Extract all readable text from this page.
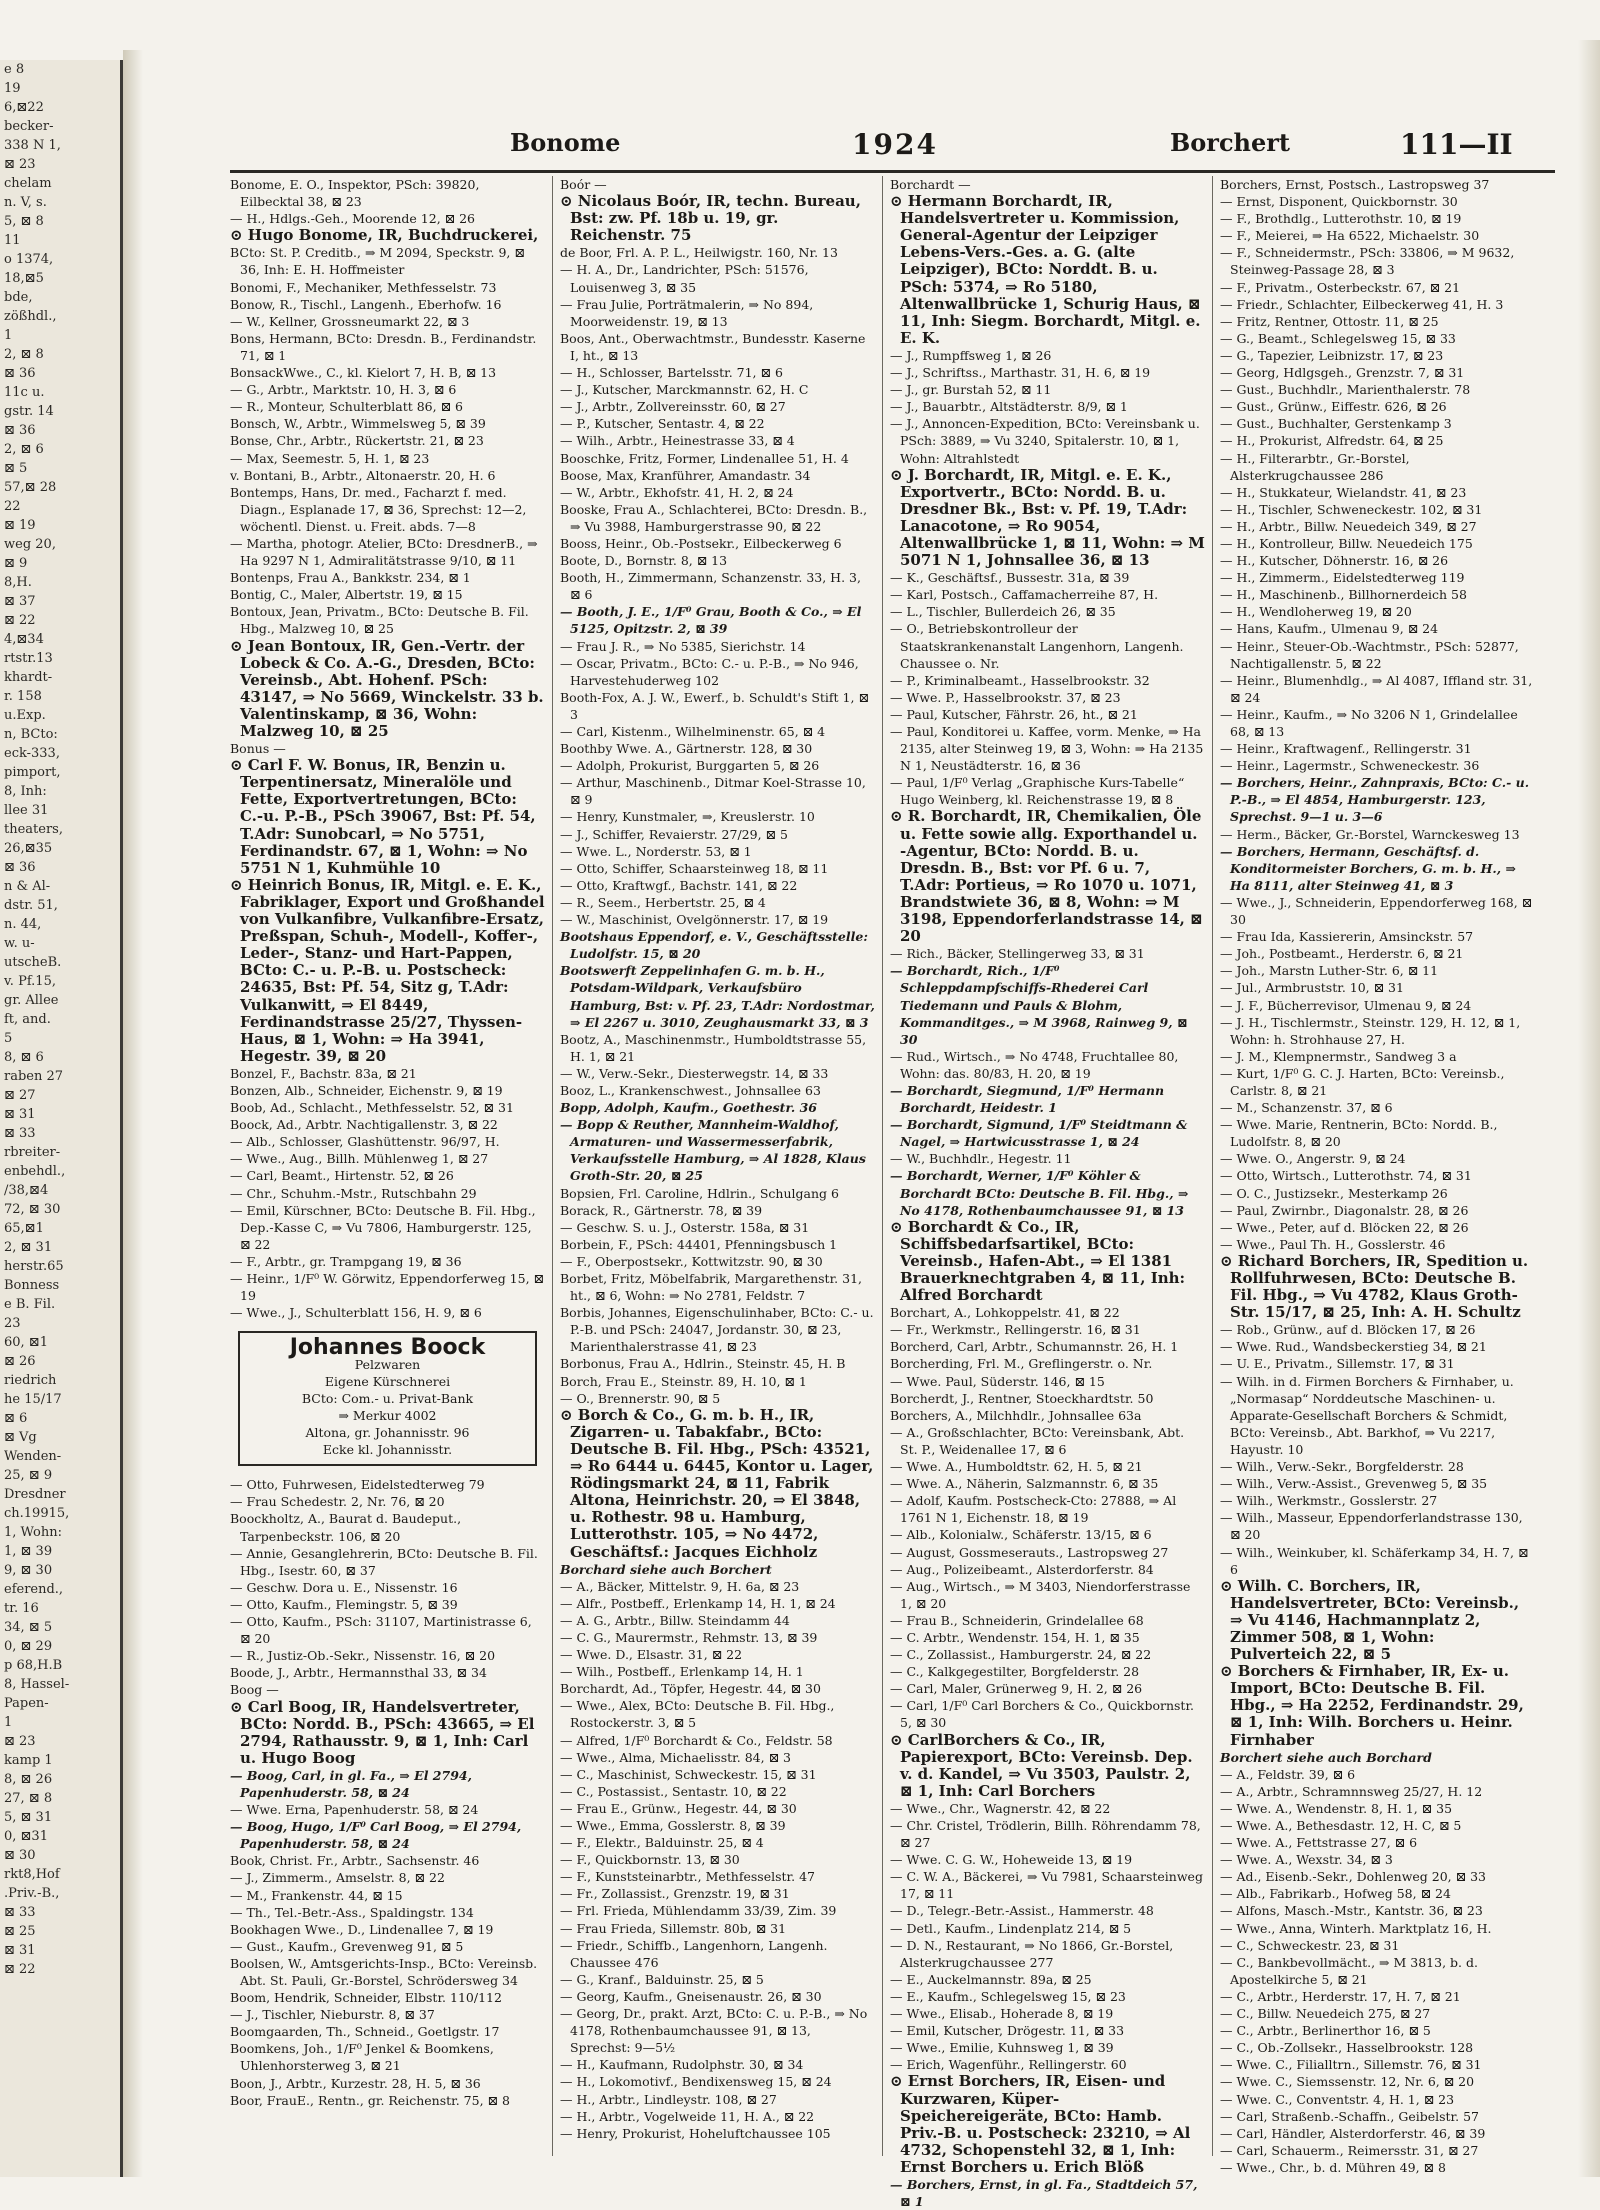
e 8
19
6,⊠22
becker-
338 N 1,
⊠ 23
chelam
n. V, s.
5, ⊠ 8
11
o 1374,
18,⊠5
bde,
zößhdl.,
1
2, ⊠ 8
⊠ 36
11c u.
gstr. 14
⊠ 36
2, ⊠ 6
⊠ 5
57,⊠ 28
22
⊠ 19
weg 20,
⊠ 9
8,H.
⊠ 37
⊠ 22
4,⊠34
rtstr.13
khardt-
r. 158
u.Exp.
n, BCto:
eck-333,
pimport,
8, Inh:
llee 31
theaters,
26,⊠35
⊠ 36
n & Al-
dstr. 51,
n. 44,
w. u-
utscheB.
v. Pf.15,
gr. Allee
ft, and.
5
8, ⊠ 6
raben 27
⊠ 27
⊠ 31
⊠ 33
rbreiter-
enbehdl.,
/38,⊠4
72, ⊠ 30
65,⊠1
2, ⊠ 31
herstr.65
Bonness
e B. Fil.
23
60, ⊠1
⊠ 26
riedrich
he 15/17
⊠ 6
⊠ Vg
Wenden-
25, ⊠ 9
Dresdner
ch.19915,
1, Wohn:
1, ⊠ 39
9, ⊠ 30
eferend.,
tr. 16
34, ⊠ 5
0, ⊠ 29
p 68,H.B
8, Hassel-
Papen-
1
⊠ 23
kamp 1
8, ⊠ 26
27, ⊠ 8
5, ⊠ 31
0, ⊠31
⊠ 30
rkt8,Hof
.Priv.-B.,
⊠ 33
⊠ 25
⊠ 31
⊠ 22
Bonome	1924	Borchert	111—II
Bonome, E. O., Inspektor, PSch: 39820, Eilbecktal 38, ⊠ 23
— H., Hdlgs.-Geh., Moorende 12, ⊠ 26
⊙ Hugo Bonome, IR, Buchdruckerei,
BCto: St. P. Creditb., ⇒ M 2094, Speckstr. 9, ⊠ 36, Inh: E. H. Hoffmeister
Bonomi, F., Mechaniker, Methfesselstr. 73
Bonow, R., Tischl., Langenh., Eberhofw. 16
— W., Kellner, Grossneumarkt 22, ⊠ 3
Bons, Hermann, BCto: Dresdn. B., Ferdinandstr. 71, ⊠ 1
BonsackWwe., C., kl. Kielort 7, H. B, ⊠ 13
— G., Arbtr., Marktstr. 10, H. 3, ⊠ 6
— R., Monteur, Schulterblatt 86, ⊠ 6
Bonsch, W., Arbtr., Wimmelsweg 5, ⊠ 39
Bonse, Chr., Arbtr., Rückertstr. 21, ⊠ 23
— Max, Seemestr. 5, H. 1, ⊠ 23
v. Bontani, B., Arbtr., Altonaerstr. 20, H. 6
Bontemps, Hans, Dr. med., Facharzt f. med. Diagn., Esplanade 17, ⊠ 36, Sprechst: 12—2, wöchentl. Dienst. u. Freit. abds. 7—8
— Martha, photogr. Atelier, BCto: DresdnerB., ⇒ Ha 9297 N 1, Admiralitätstrasse 9/10, ⊠ 11
Bontenps, Frau A., Bankkstr. 234, ⊠ 1
Bontig, C., Maler, Albertstr. 19, ⊠ 15
Bontoux, Jean, Privatm., BCto: Deutsche B. Fil. Hbg., Malzweg 10, ⊠ 25
⊙ Jean Bontoux, IR, Gen.-Vertr. der Lobeck & Co. A.-G., Dresden, BCto: Vereinsb., Abt. Hohenf. PSch: 43147, ⇒ No 5669, Winckelstr. 33 b. Valentinskamp, ⊠ 36, Wohn: Malzweg 10, ⊠ 25
Bonus —
⊙ Carl F. W. Bonus, IR, Benzin u. Terpentinersatz, Mineralöle und Fette, Exportvertretungen, BCto: C.-u. P.-B., PSch 39067, Bst: Pf. 54, T.Adr: Sunobcarl, ⇒ No 5751, Ferdinandstr. 67, ⊠ 1, Wohn: ⇒ No 5751 N 1, Kuhmühle 10
⊙ Heinrich Bonus, IR, Mitgl. e. E. K., Fabriklager, Export und Großhandel von Vulkanfibre, Vulkanfibre-Ersatz, Preßspan, Schuh-, Modell-, Koffer-, Leder-, Stanz- und Hart-Pappen, BCto: C.- u. P.-B. u. Postscheck: 24635, Bst: Pf. 54, Sitz g, T.Adr: Vulkanwitt, ⇒ El 8449, Ferdinandstrasse 25/27, Thyssen-Haus, ⊠ 1, Wohn: ⇒ Ha 3941, Hegestr. 39, ⊠ 20
Bonzel, F., Bachstr. 83a, ⊠ 21
Bonzen, Alb., Schneider, Eichenstr. 9, ⊠ 19
Boob, Ad., Schlacht., Methfesselstr. 52, ⊠ 31
Boock, Ad., Arbtr. Nachtigallenstr. 3, ⊠ 22
— Alb., Schlosser, Glashüttenstr. 96/97, H.
— Wwe., Aug., Billh. Mühlenweg 1, ⊠ 27
— Carl, Beamt., Hirtenstr. 52, ⊠ 26
— Chr., Schuhm.-Mstr., Rutschbahn 29
— Emil, Kürschner, BCto: Deutsche B. Fil. Hbg., Dep.-Kasse C, ⇒ Vu 7806, Hamburgerstr. 125, ⊠ 22
— F., Arbtr., gr. Trampgang 19, ⊠ 36
— Heinr., 1/F⁰ W. Görwitz, Eppendorferweg 15, ⊠ 19
— Wwe., J., Schulterblatt 156, H. 9, ⊠ 6
Johannes Boock
Pelzwaren
Eigene Kürschnerei
BCto: Com.- u. Privat-Bank
⇒ Merkur 4002
Altona, gr. Johannisstr. 96
Ecke kl. Johannisstr.
— Otto, Fuhrwesen, Eidelstedterweg 79
— Frau Schedestr. 2, Nr. 76, ⊠ 20
Boockholtz, A., Baurat d. Baudeput., Tarpenbeckstr. 106, ⊠ 20
— Annie, Gesanglehrerin, BCto: Deutsche B. Fil. Hbg., Isestr. 60, ⊠ 37
— Geschw. Dora u. E., Nissenstr. 16
— Otto, Kaufm., Flemingstr. 5, ⊠ 39
— Otto, Kaufm., PSch: 31107, Martinistrasse 6, ⊠ 20
— R., Justiz-Ob.-Sekr., Nissenstr. 16, ⊠ 20
Boode, J., Arbtr., Hermannsthal 33, ⊠ 34
Boog —
⊙ Carl Boog, IR, Handelsvertreter, BCto: Nordd. B., PSch: 43665, ⇒ El 2794, Rathausstr. 9, ⊠ 1, Inh: Carl u. Hugo Boog
— Boog, Carl, in gl. Fa., ⇒ El 2794, Papenhuderstr. 58, ⊠ 24
— Wwe. Erna, Papenhuderstr. 58, ⊠ 24
— Boog, Hugo, 1/F⁰ Carl Boog, ⇒ El 2794, Papenhuderstr. 58, ⊠ 24
Book, Christ. Fr., Arbtr., Sachsenstr. 46
— J., Zimmerm., Amselstr. 8, ⊠ 22
— M., Frankenstr. 44, ⊠ 15
— Th., Tel.-Betr.-Ass., Spaldingstr. 134
Bookhagen Wwe., D., Lindenallee 7, ⊠ 19
— Gust., Kaufm., Grevenweg 91, ⊠ 5
Boolsen, W., Amtsgerichts-Insp., BCto: Vereinsb. Abt. St. Pauli, Gr.-Borstel, Schrödersweg 34
Boom, Hendrik, Schneider, Elbstr. 110/112
— J., Tischler, Nieburstr. 8, ⊠ 37
Boomgaarden, Th., Schneid., Goetlgstr. 17
Boomkens, Joh., 1/F⁰ Jenkel & Boomkens, Uhlenhorsterweg 3, ⊠ 21
Boon, J., Arbtr., Kurzestr. 28, H. 5, ⊠ 36
Boor, FrauE., Rentn., gr. Reichenstr. 75, ⊠ 8
Boór —
⊙ Nicolaus Boór, IR, techn. Bureau, Bst: zw. Pf. 18b u. 19, gr. Reichenstr. 75
de Boor, Frl. A. P. L., Heilwigstr. 160, Nr. 13
— H. A., Dr., Landrichter, PSch: 51576, Louisenweg 3, ⊠ 35
— Frau Julie, Porträtmalerin, ⇒ No 894, Moorweidenstr. 19, ⊠ 13
Boos, Ant., Oberwachtmstr., Bundesstr. Kaserne I, ht., ⊠ 13
— H., Schlosser, Bartelsstr. 71, ⊠ 6
— J., Kutscher, Marckmannstr. 62, H. C
— J., Arbtr., Zollvereinsstr. 60, ⊠ 27
— P., Kutscher, Sentastr. 4, ⊠ 22
— Wilh., Arbtr., Heinestrasse 33, ⊠ 4
Booschke, Fritz, Former, Lindenallee 51, H. 4
Boose, Max, Kranführer, Amandastr. 34
— W., Arbtr., Ekhofstr. 41, H. 2, ⊠ 24
Booske, Frau A., Schlachterei, BCto: Dresdn. B., ⇒ Vu 3988, Hamburgerstrasse 90, ⊠ 22
Booss, Heinr., Ob.-Postsekr., Eilbeckerweg 6
Boote, D., Bornstr. 8, ⊠ 13
Booth, H., Zimmermann, Schanzenstr. 33, H. 3, ⊠ 6
— Booth, J. E., 1/F⁰ Grau, Booth & Co., ⇒ El 5125, Opitzstr. 2, ⊠ 39
— Frau J. R., ⇒ No 5385, Sierichstr. 14
— Oscar, Privatm., BCto: C.- u. P.-B., ⇒ No 946, Harvestehuderweg 102
Booth-Fox, A. J. W., Ewerf., b. Schuldt's Stift 1, ⊠ 3
— Carl, Kistenm., Wilhelminenstr. 65, ⊠ 4
Boothby Wwe. A., Gärtnerstr. 128, ⊠ 30
— Adolph, Prokurist, Burggarten 5, ⊠ 26
— Arthur, Maschinenb., Ditmar Koel-Strasse 10, ⊠ 9
— Henry, Kunstmaler, ⇒, Kreuslerstr. 10
— J., Schiffer, Revaierstr. 27/29, ⊠ 5
— Wwe. L., Norderstr. 53, ⊠ 1
— Otto, Schiffer, Schaarsteinweg 18, ⊠ 11
— Otto, Kraftwgf., Bachstr. 141, ⊠ 22
— R., Seem., Herbertstr. 25, ⊠ 4
— W., Maschinist, Ovelgönnerstr. 17, ⊠ 19
Bootshaus Eppendorf, e. V., Geschäftsstelle: Ludolfstr. 15, ⊠ 20
Bootswerft Zeppelinhafen G. m. b. H., Potsdam-Wildpark, Verkaufsbüro Hamburg, Bst: v. Pf. 23, T.Adr: Nordostmar, ⇒ El 2267 u. 3010, Zeughausmarkt 33, ⊠ 3
Bootz, A., Maschinenmstr., Humboldtstrasse 55, H. 1, ⊠ 21
— W., Verw.-Sekr., Diesterwegstr. 14, ⊠ 33
Booz, L., Krankenschwest., Johnsallee 63
Bopp, Adolph, Kaufm., Goethestr. 36
— Bopp & Reuther, Mannheim-Waldhof, Armaturen- und Wassermesserfabrik, Verkaufsstelle Hamburg, ⇒ Al 1828, Klaus Groth-Str. 20, ⊠ 25
Bopsien, Frl. Caroline, Hdlrin., Schulgang 6
Borack, R., Gärtnerstr. 78, ⊠ 39
— Geschw. S. u. J., Osterstr. 158a, ⊠ 31
Borbein, F., PSch: 44401, Pfenningsbusch 1
— F., Oberpostsekr., Kottwitzstr. 90, ⊠ 30
Borbet, Fritz, Möbelfabrik, Margarethenstr. 31, ht., ⊠ 6, Wohn: ⇒ No 2781, Feldstr. 7
Borbis, Johannes, Eigenschulinhaber, BCto: C.- u. P.-B. und PSch: 24047, Jordanstr. 30, ⊠ 23, Marienthalerstrasse 41, ⊠ 23
Borbonus, Frau A., Hdlrin., Steinstr. 45, H. B
Borch, Frau E., Steinstr. 89, H. 10, ⊠ 1
— O., Brennerstr. 90, ⊠ 5
⊙ Borch & Co., G. m. b. H., IR, Zigarren- u. Tabakfabr., BCto: Deutsche B. Fil. Hbg., PSch: 43521, ⇒ Ro 6444 u. 6445, Kontor u. Lager, Rödingsmarkt 24, ⊠ 11, Fabrik Altona, Heinrichstr. 20, ⇒ El 3848, u. Rothestr. 98 u. Hamburg, Lutterothstr. 105, ⇒ No 4472, Geschäftsf.: Jacques Eichholz
Borchard siehe auch Borchert
— A., Bäcker, Mittelstr. 9, H. 6a, ⊠ 23
— Alfr., Postbeff., Erlenkamp 14, H. 1, ⊠ 24
— A. G., Arbtr., Billw. Steindamm 44
— C. G., Maurermstr., Rehmstr. 13, ⊠ 39
— Wwe. D., Elsastr. 31, ⊠ 22
— Wilh., Postbeff., Erlenkamp 14, H. 1
Borchardt, Ad., Töpfer, Hegestr. 44, ⊠ 30
— Wwe., Alex, BCto: Deutsche B. Fil. Hbg., Rostockerstr. 3, ⊠ 5
— Alfred, 1/F⁰ Borchardt & Co., Feldstr. 58
— Wwe., Alma, Michaelisstr. 84, ⊠ 3
— C., Maschinist, Schweckestr. 15, ⊠ 31
— C., Postassist., Sentastr. 10, ⊠ 22
— Frau E., Grünw., Hegestr. 44, ⊠ 30
— Wwe., Emma, Gosslerstr. 8, ⊠ 39
— F., Elektr., Balduinstr. 25, ⊠ 4
— F., Quickbornstr. 13, ⊠ 30
— F., Kunststeinarbtr., Methfesselstr. 47
— Fr., Zollassist., Grenzstr. 19, ⊠ 31
— Frl. Frieda, Mühlendamm 33/39, Zim. 39
— Frau Frieda, Sillemstr. 80b, ⊠ 31
— Friedr., Schiffb., Langenhorn, Langenh. Chaussee 476
— G., Kranf., Balduinstr. 25, ⊠ 5
— Georg, Kaufm., Gneisenaustr. 26, ⊠ 30
— Georg, Dr., prakt. Arzt, BCto: C. u. P.-B., ⇒ No 4178, Rothenbaumchaussee 91, ⊠ 13, Sprechst: 9—5½
— H., Kaufmann, Rudolphstr. 30, ⊠ 34
— H., Lokomotivf., Bendixensweg 15, ⊠ 24
— H., Arbtr., Lindleystr. 108, ⊠ 27
— H., Arbtr., Vogelweide 11, H. A., ⊠ 22
— Henry, Prokurist, Hoheluftchaussee 105
Borchardt —
⊙ Hermann Borchardt, IR, Handelsvertreter u. Kommission, General-Agentur der Leipziger Lebens-Vers.-Ges. a. G. (alte Leipziger), BCto: Norddt. B. u. PSch: 5374, ⇒ Ro 5180, Altenwallbrücke 1, Schurig Haus, ⊠ 11, Inh: Siegm. Borchardt, Mitgl. e. E. K.
— J., Rumpffsweg 1, ⊠ 26
— J., Schriftss., Marthastr. 31, H. 6, ⊠ 19
— J., gr. Burstah 52, ⊠ 11
— J., Bauarbtr., Altstädterstr. 8/9, ⊠ 1
— J., Annoncen-Expedition, BCto: Vereinsbank u. PSch: 3889, ⇒ Vu 3240, Spitalerstr. 10, ⊠ 1, Wohn: Altrahlstedt
⊙ J. Borchardt, IR, Mitgl. e. E. K., Exportvertr., BCto: Nordd. B. u. Dresdner Bk., Bst: v. Pf. 19, T.Adr: Lanacotone, ⇒ Ro 9054, Altenwallbrücke 1, ⊠ 11, Wohn: ⇒ M 5071 N 1, Johnsallee 36, ⊠ 13
— K., Geschäftsf., Bussestr. 31a, ⊠ 39
— Karl, Postsch., Caffamacherreihe 87, H.
— L., Tischler, Bullerdeich 26, ⊠ 35
— O., Betriebskontrolleur der Staatskrankenanstalt Langenhorn, Langenh. Chaussee o. Nr.
— P., Kriminalbeamt., Hasselbrookstr. 32
— Wwe. P., Hasselbrookstr. 37, ⊠ 23
— Paul, Kutscher, Fährstr. 26, ht., ⊠ 21
— Paul, Konditorei u. Kaffee, vorm. Menke, ⇒ Ha 2135, alter Steinweg 19, ⊠ 3, Wohn: ⇒ Ha 2135 N 1, Neustädterstr. 16, ⊠ 36
— Paul, 1/F⁰ Verlag „Graphische Kurs-Tabelle“ Hugo Weinberg, kl. Reichenstrasse 19, ⊠ 8
⊙ R. Borchardt, IR, Chemikalien, Öle u. Fette sowie allg. Exporthandel u. -Agentur, BCto: Nordd. B. u. Dresdn. B., Bst: vor Pf. 6 u. 7, T.Adr: Portieus, ⇒ Ro 1070 u. 1071, Brandstwiete 36, ⊠ 8, Wohn: ⇒ M 3198, Eppendorferlandstrasse 14, ⊠ 20
— Rich., Bäcker, Stellingerweg 33, ⊠ 31
— Borchardt, Rich., 1/F⁰ Schleppdampfschiffs-Rhederei Carl Tiedemann und Pauls & Blohm, Kommanditges., ⇒ M 3968, Rainweg 9, ⊠ 30
— Rud., Wirtsch., ⇒ No 4748, Fruchtallee 80, Wohn: das. 80/83, H. 20, ⊠ 19
— Borchardt, Siegmund, 1/F⁰ Hermann Borchardt, Heidestr. 1
— Borchardt, Sigmund, 1/F⁰ Steidtmann & Nagel, ⇒ Hartwicusstrasse 1, ⊠ 24
— W., Buchhdlr., Hegestr. 11
— Borchardt, Werner, 1/F⁰ Köhler & Borchardt BCto: Deutsche B. Fil. Hbg., ⇒ No 4178, Rothenbaumchaussee 91, ⊠ 13
⊙ Borchardt & Co., IR, Schiffsbedarfsartikel, BCto: Vereinsb., Hafen-Abt., ⇒ El 1381 Brauerknechtgraben 4, ⊠ 11, Inh: Alfred Borchardt
Borchart, A., Lohkoppelstr. 41, ⊠ 22
— Fr., Werkmstr., Rellingerstr. 16, ⊠ 31
Borcherd, Carl, Arbtr., Schumannstr. 26, H. 1
Borcherding, Frl. M., Greflingerstr. o. Nr.
— Wwe. Paul, Süderstr. 146, ⊠ 15
Borcherdt, J., Rentner, Stoeckhardtstr. 50
Borchers, A., Milchhdlr., Johnsallee 63a
— A., Großschlachter, BCto: Vereinsbank, Abt. St. P., Weidenallee 17, ⊠ 6
— Wwe. A., Humboldtstr. 62, H. 5, ⊠ 21
— Wwe. A., Näherin, Salzmannstr. 6, ⊠ 35
— Adolf, Kaufm. Postscheck-Cto: 27888, ⇒ Al 1761 N 1, Eichenstr. 18, ⊠ 19
— Alb., Kolonialw., Schäferstr. 13/15, ⊠ 6
— August, Gossmeserauts., Lastropsweg 27
— Aug., Polizeibeamt., Alsterdorferstr. 84
— Aug., Wirtsch., ⇒ M 3403, Niendorferstrasse 1, ⊠ 20
— Frau B., Schneiderin, Grindelallee 68
— C. Arbtr., Wendenstr. 154, H. 1, ⊠ 35
— C., Zollassist., Hamburgerstr. 24, ⊠ 22
— C., Kalkgegestilter, Borgfelderstr. 28
— Carl, Maler, Grünerweg 9, H. 2, ⊠ 26
— Carl, 1/F⁰ Carl Borchers & Co., Quickbornstr. 5, ⊠ 30
⊙ CarlBorchers & Co., IR, Papierexport, BCto: Vereinsb. Dep. v. d. Kandel, ⇒ Vu 3503, Paulstr. 2, ⊠ 1, Inh: Carl Borchers
— Wwe., Chr., Wagnerstr. 42, ⊠ 22
— Chr. Cristel, Trödlerin, Billh. Röhrendamm 78, ⊠ 27
— Wwe. C. G. W., Hoheweide 13, ⊠ 19
— C. W. A., Bäckerei, ⇒ Vu 7981, Schaarsteinweg 17, ⊠ 11
— D., Telegr.-Betr.-Assist., Hammerstr. 48
— Detl., Kaufm., Lindenplatz 214, ⊠ 5
— D. N., Restaurant, ⇒ No 1866, Gr.-Borstel, Alsterkrugchaussee 277
— E., Auckelmannstr. 89a, ⊠ 25
— E., Kaufm., Schlegelsweg 15, ⊠ 23
— Wwe., Elisab., Hoherade 8, ⊠ 19
— Emil, Kutscher, Drögestr. 11, ⊠ 33
— Wwe., Emilie, Kuhnsweg 1, ⊠ 39
— Erich, Wagenführ., Rellingerstr. 60
⊙ Ernst Borchers, IR, Eisen- und Kurzwaren, Küper- Speichereigeräte, BCto: Hamb. Priv.-B. u. Postscheck: 23210, ⇒ Al 4732, Schopenstehl 32, ⊠ 1, Inh: Ernst Borchers u. Erich Blöß
— Borchers, Ernst, in gl. Fa., Stadtdeich 57, ⊠ 1
Borchers, Ernst, Postsch., Lastropsweg 37
— Ernst, Disponent, Quickbornstr. 30
— F., Brothdlg., Lutterothstr. 10, ⊠ 19
— F., Meierei, ⇒ Ha 6522, Michaelstr. 30
— F., Schneidermstr., PSch: 33806, ⇒ M 9632, Steinweg-Passage 28, ⊠ 3
— F., Privatm., Osterbeckstr. 67, ⊠ 21
— Friedr., Schlachter, Eilbeckerweg 41, H. 3
— Fritz, Rentner, Ottostr. 11, ⊠ 25
— G., Beamt., Schlegelsweg 15, ⊠ 33
— G., Tapezier, Leibnizstr. 17, ⊠ 23
— Georg, Hdlgsgeh., Grenzstr. 7, ⊠ 31
— Gust., Buchhdlr., Marienthalerstr. 78
— Gust., Grünw., Eiffestr. 626, ⊠ 26
— Gust., Buchhalter, Gerstenkamp 3
— H., Prokurist, Alfredstr. 64, ⊠ 25
— H., Filterarbtr., Gr.-Borstel, Alsterkrugchaussee 286
— H., Stukkateur, Wielandstr. 41, ⊠ 23
— H., Tischler, Schweneckestr. 102, ⊠ 31
— H., Arbtr., Billw. Neuedeich 349, ⊠ 27
— H., Kontrolleur, Billw. Neuedeich 175
— H., Kutscher, Döhnerstr. 16, ⊠ 26
— H., Zimmerm., Eidelstedterweg 119
— H., Maschinenb., Billhornerdeich 58
— H., Wendloherweg 19, ⊠ 20
— Hans, Kaufm., Ulmenau 9, ⊠ 24
— Heinr., Steuer-Ob.-Wachtmstr., PSch: 52877, Nachtigallenstr. 5, ⊠ 22
— Heinr., Blumenhdlg., ⇒ Al 4087, Iffland str. 31, ⊠ 24
— Heinr., Kaufm., ⇒ No 3206 N 1, Grindelallee 68, ⊠ 13
— Heinr., Kraftwagenf., Rellingerstr. 31
— Heinr., Lagermstr., Schweneckestr. 36
— Borchers, Heinr., Zahnpraxis, BCto: C.- u. P.-B., ⇒ El 4854, Hamburgerstr. 123, Sprechst. 9—1 u. 3—6
— Herm., Bäcker, Gr.-Borstel, Warnckesweg 13
— Borchers, Hermann, Geschäftsf. d. Konditormeister Borchers, G. m. b. H., ⇒ Ha 8111, alter Steinweg 41, ⊠ 3
— Wwe., J., Schneiderin, Eppendorferweg 168, ⊠ 30
— Frau Ida, Kassiererin, Amsinckstr. 57
— Joh., Postbeamt., Herderstr. 6, ⊠ 21
— Joh., Marstn Luther-Str. 6, ⊠ 11
— Jul., Armbruststr. 10, ⊠ 31
— J. F., Bücherrevisor, Ulmenau 9, ⊠ 24
— J. H., Tischlermstr., Steinstr. 129, H. 12, ⊠ 1, Wohn: h. Strohhause 27, H.
— J. M., Klempnermstr., Sandweg 3 a
— Kurt, 1/F⁰ G. C. J. Harten, BCto: Vereinsb., Carlstr. 8, ⊠ 21
— M., Schanzenstr. 37, ⊠ 6
— Wwe. Marie, Rentnerin, BCto: Nordd. B., Ludolfstr. 8, ⊠ 20
— Wwe. O., Angerstr. 9, ⊠ 24
— Otto, Wirtsch., Lutterothstr. 74, ⊠ 31
— O. C., Justizsekr., Mesterkamp 26
— Paul, Zwirnbr., Diagonalstr. 28, ⊠ 26
— Wwe., Peter, auf d. Blöcken 22, ⊠ 26
— Wwe., Paul Th. H., Gosslerstr. 46
⊙ Richard Borchers, IR, Spedition u. Rollfuhrwesen, BCto: Deutsche B. Fil. Hbg., ⇒ Vu 4782, Klaus Groth-Str. 15/17, ⊠ 25, Inh: A. H. Schultz
— Rob., Grünw., auf d. Blöcken 17, ⊠ 26
— Wwe. Rud., Wandsbeckerstieg 34, ⊠ 21
— U. E., Privatm., Sillemstr. 17, ⊠ 31
— Wilh. in d. Firmen Borchers & Firnhaber, u. „Normasap“ Norddeutsche Maschinen- u. Apparate-Gesellschaft Borchers & Schmidt, BCto: Vereinsb., Abt. Barkhof, ⇒ Vu 2217, Hayustr. 10
— Wilh., Verw.-Sekr., Borgfelderstr. 28
— Wilh., Verw.-Assist., Grevenweg 5, ⊠ 35
— Wilh., Werkmstr., Gosslerstr. 27
— Wilh., Masseur, Eppendorferlandstrasse 130, ⊠ 20
— Wilh., Weinkuber, kl. Schäferkamp 34, H. 7, ⊠ 6
⊙ Wilh. C. Borchers, IR, Handelsvertreter, BCto: Vereinsb., ⇒ Vu 4146, Hachmannplatz 2, Zimmer 508, ⊠ 1, Wohn: Pulverteich 22, ⊠ 5
⊙ Borchers & Firnhaber, IR, Ex- u. Import, BCto: Deutsche B. Fil. Hbg., ⇒ Ha 2252, Ferdinandstr. 29, ⊠ 1, Inh: Wilh. Borchers u. Heinr. Firnhaber
Borchert siehe auch Borchard
— A., Feldstr. 39, ⊠ 6
— A., Arbtr., Schramnnsweg 25/27, H. 12
— Wwe. A., Wendenstr. 8, H. 1, ⊠ 35
— Wwe. A., Bethesdastr. 12, H. C, ⊠ 5
— Wwe. A., Fettstrasse 27, ⊠ 6
— Wwe. A., Wexstr. 34, ⊠ 3
— Ad., Eisenb.-Sekr., Dohlenweg 20, ⊠ 33
— Alb., Fabrikarb., Hofweg 58, ⊠ 24
— Alfons, Masch.-Mstr., Kantstr. 36, ⊠ 23
— Wwe., Anna, Winterh. Marktplatz 16, H.
— C., Schweckestr. 23, ⊠ 31
— C., Bankbevollmächt., ⇒ M 3813, b. d. Apostelkirche 5, ⊠ 21
— C., Arbtr., Herderstr. 17, H. 7, ⊠ 21
— C., Billw. Neuedeich 275, ⊠ 27
— C., Arbtr., Berlinerthor 16, ⊠ 5
— C., Ob.-Zollsekr., Hasselbrookstr. 128
— Wwe. C., Filialltrn., Sillemstr. 76, ⊠ 31
— Wwe. C., Siemssenstr. 12, Nr. 6, ⊠ 20
— Wwe. C., Conventstr. 4, H. 1, ⊠ 23
— Carl, Straßenb.-Schaffn., Geibelstr. 57
— Carl, Händler, Alsterdorferstr. 46, ⊠ 39
— Carl, Schauerm., Reimersstr. 31, ⊠ 27
— Wwe., Chr., b. d. Mühren 49, ⊠ 8
